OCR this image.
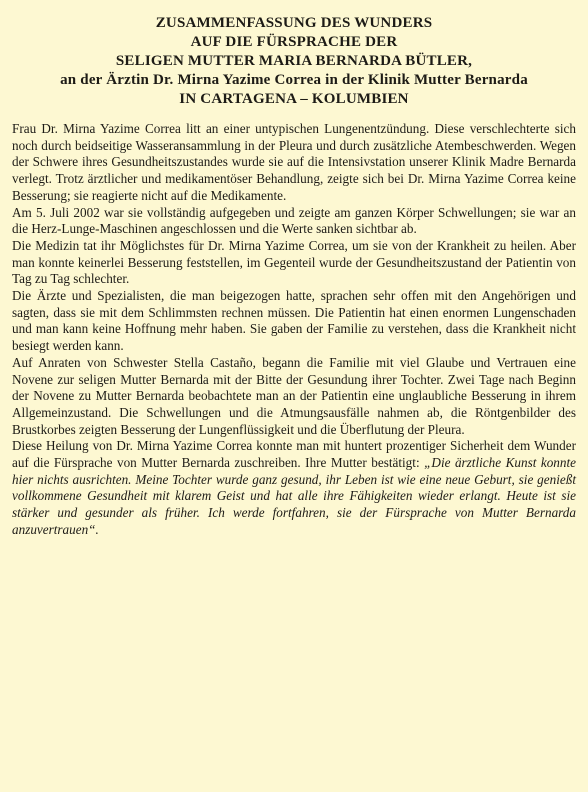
ZUSAMMENFASSUNG DES WUNDERS
AUF DIE FÜRSPRACHE DER
SELIGEN MUTTER MARIA BERNARDA BÜTLER,
an der Ärztin Dr. Mirna Yazime Correa in der Klinik Mutter Bernarda
IN CARTAGENA – KOLUMBIEN

Frau Dr. Mirna Yazime Correa litt an einer untypischen Lungenentzündung. Diese verschlechterte sich noch durch beidseitige Wasseransammlung in der Pleura und durch zusätzliche Atembeschwerden. Wegen der Schwere ihres Gesundheitszustandes wurde sie auf die Intensivstation unserer Klinik Madre Bernarda verlegt. Trotz ärztlicher und medikamentöser Behandlung, zeigte sich bei Dr. Mirna Yazime Correa keine Besserung; sie reagierte nicht auf die Medikamente.

Am 5. Juli 2002 war sie vollständig aufgegeben und zeigte am ganzen Körper Schwellungen; sie war an die Herz-Lunge-Maschinen angeschlossen und die Werte sanken sichtbar ab.

Die Medizin tat ihr Möglichstes für Dr. Mirna Yazime Correa, um sie von der Krankheit zu heilen. Aber man konnte keinerlei Besserung feststellen, im Gegenteil wurde der Gesundheitszustand der Patientin von Tag zu Tag schlechter.

Die Ärzte und Spezialisten, die man beigezogen hatte, sprachen sehr offen mit den Angehörigen und sagten, dass sie mit dem Schlimmsten rechnen müssen. Die Patientin hat einen enormen Lungenschaden und man kann keine Hoffnung mehr haben. Sie gaben der Familie zu verstehen, dass die Krankheit nicht besiegt werden kann.

Auf Anraten von Schwester Stella Castaño, begann die Familie mit viel Glaube und Vertrauen eine Novene zur seligen Mutter Bernarda mit der Bitte der Gesundung ihrer Tochter. Zwei Tage nach Beginn der Novene zu Mutter Bernarda beobachtete man an der Patientin eine unglaubliche Besserung in ihrem Allgemeinzustand. Die Schwellungen und die Atmungsausfälle nahmen ab, die Röntgenbilder des Brustkorbes zeigten Besserung der Lungenflüssigkeit und die Überflutung der Pleura.

Diese Heilung von Dr. Mirna Yazime Correa konnte man mit huntert prozentiger Sicherheit dem Wunder auf die Fürsprache von Mutter Bernarda zuschreiben. Ihre Mutter bestätigt: „Die ärztliche Kunst konnte hier nichts ausrichten. Meine Tochter wurde ganz gesund, ihr Leben ist wie eine neue Geburt, sie genießt vollkommene Gesundheit mit klarem Geist und hat alle ihre Fähigkeiten wieder erlangt. Heute ist sie stärker und gesunder als früher. Ich werde fortfahren, sie der Fürsprache von Mutter Bernarda anzuvertrauen“.
